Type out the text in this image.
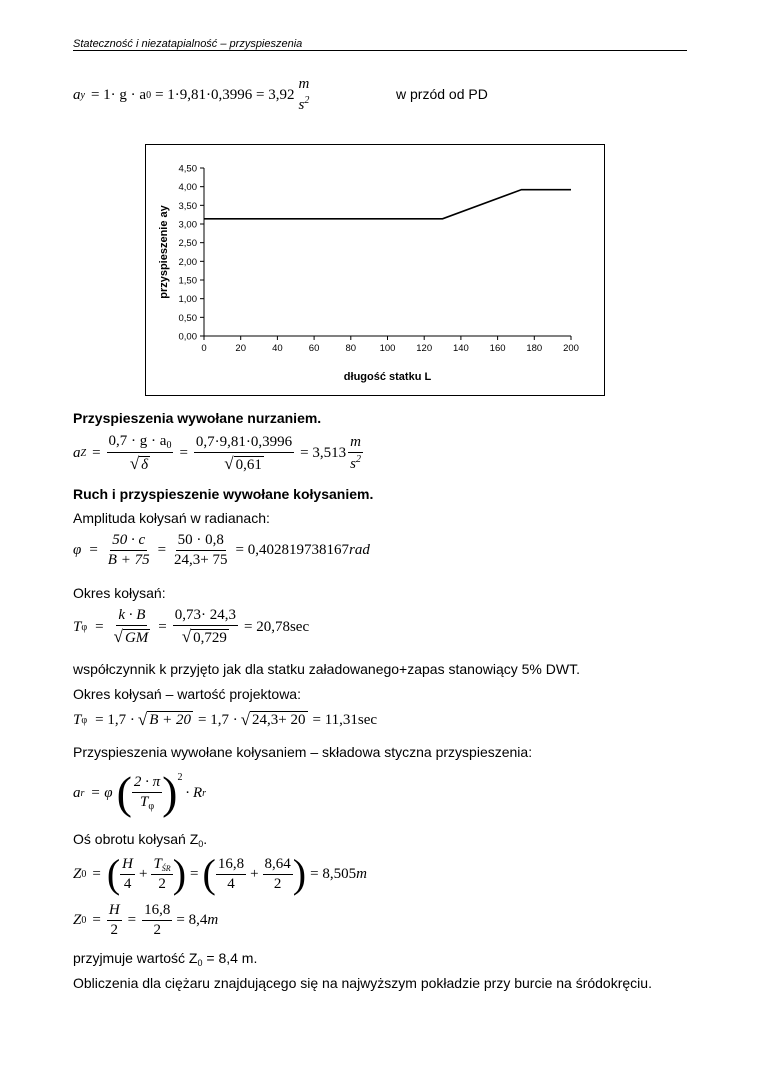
Stateczność i niezatapialność – przyspieszenia
a y = 1· g · a 0 = 1·9,81·0,3996 = 3,92
m
$s^2$	w przód od PD
0,00
0,50
1,00
1,50
2,00
2,50
3,00
3,50
4,00
4,50
0	20	40	60	80 100 120 140 160 180 200
długość statku L
przyspieszenie ay
Przyspieszenia wywołane nurzaniem.
a $Z = \frac{0,7 \cdot g \cdot a_0}{√ \delta} = \frac{0,7\cdot 9,81\cdot 0,3996}{√ 0,61} = 3,513 \frac{m}{s^2}$
Ruch i przyspieszenie wywołane kołysaniem.
Amplituda kołysań w radianach:
$\varphi = \frac{50 \cdot c}{B + 75} = \frac{50 \cdot 0,8}{24,3+ 75} = 0,402819738167$ rad
Okres kołysań:
T $\varphi = \frac{k \cdot B}{√ GM} = \frac{0,73\cdot 24,3}{√ 0,729} = 20,78\sec$
współczynnik k przyjęto jak dla statku załadowanego+zapas stanowiący 5% DWT.
Okres kołysań – wartość projektowa:
T φ = 1,7 · √ B + 20 = 1,7 · √ 24,3+ 20 = 11,31sec
Przyspieszenia wywołane kołysaniem – składowa styczna przyspieszenia:
a r = φ ( $\frac{2 \cdot \pi}{T_\varphi}$ ) 2
· R r
Oś obrotu kołysań $Z_0$.
Z 0 = ( $\frac{H}{4} + \frac{T_{ŚR}}{2}$ ) = ( $\frac{16,8}{4} + \frac{8,64}{2}$ ) = 8,505 m
Z $0 = \frac{H}{2} = \frac{16,8}{2} = 8,4$ m
przyjmuje wartość $Z_0 = 8,4$ m.
Obliczenia dla ciężaru znajdującego się na najwyższym pokładzie przy burcie na śródokręciu.
